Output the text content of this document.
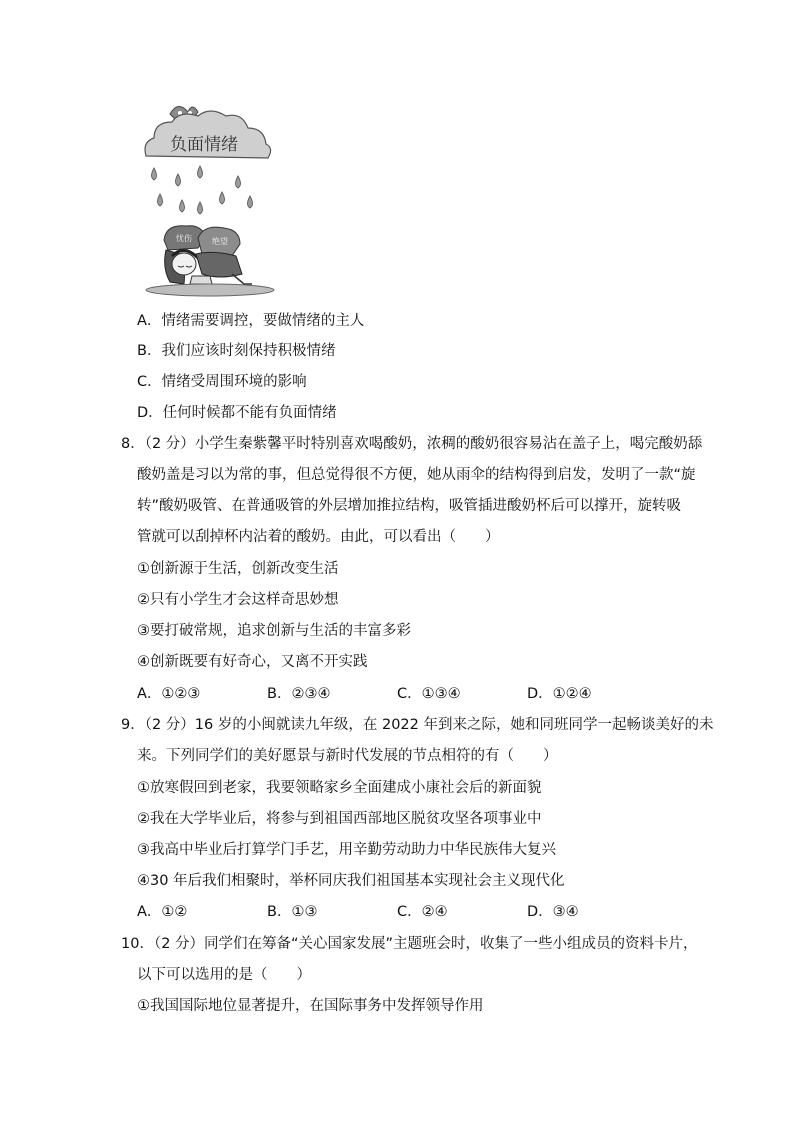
负面情绪
忧伤	绝望
A．情绪需要调控，要做情绪的主人
B．我们应该时刻保持积极情绪
C．情绪受周围环境的影响
D．任何时候都不能有负面情绪
8．（2 分）小学生秦紫馨平时特别喜欢喝酸奶，浓稠的酸奶很容易沾在盖子上，喝完酸奶舔
酸奶盖是习以为常的事，但总觉得很不方便，她从雨伞的结构得到启发，发明了一款“旋
转”酸奶吸管、在普通吸管的外层增加推拉结构，吸管插进酸奶杯后可以撑开，旋转吸
管就可以刮掉杯内沾着的酸奶。由此，可以看出（　　）
①创新源于生活，创新改变生活
②只有小学生才会这样奇思妙想
③要打破常规，追求创新与生活的丰富多彩
④创新既要有好奇心，又离不开实践
A．①②③	B．②③④	C．①③④	D．①②④
9．（2 分）16 岁的小闽就读九年级，在 2022 年到来之际，她和同班同学一起畅谈美好的未
来。下列同学们的美好愿景与新时代发展的节点相符的有（　　）
①放寒假回到老家，我要领略家乡全面建成小康社会后的新面貌
②我在大学毕业后，将参与到祖国西部地区脱贫攻坚各项事业中
③我高中毕业后打算学门手艺，用辛勤劳动助力中华民族伟大复兴
④30 年后我们相聚时，举杯同庆我们祖国基本实现社会主义现代化
A．①②	B．①③	C．②④	D．③④
10．（2 分）同学们在筹备“关心国家发展”主题班会时，收集了一些小组成员的资料卡片，
以下可以选用的是（　　）
①我国国际地位显著提升，在国际事务中发挥领导作用
